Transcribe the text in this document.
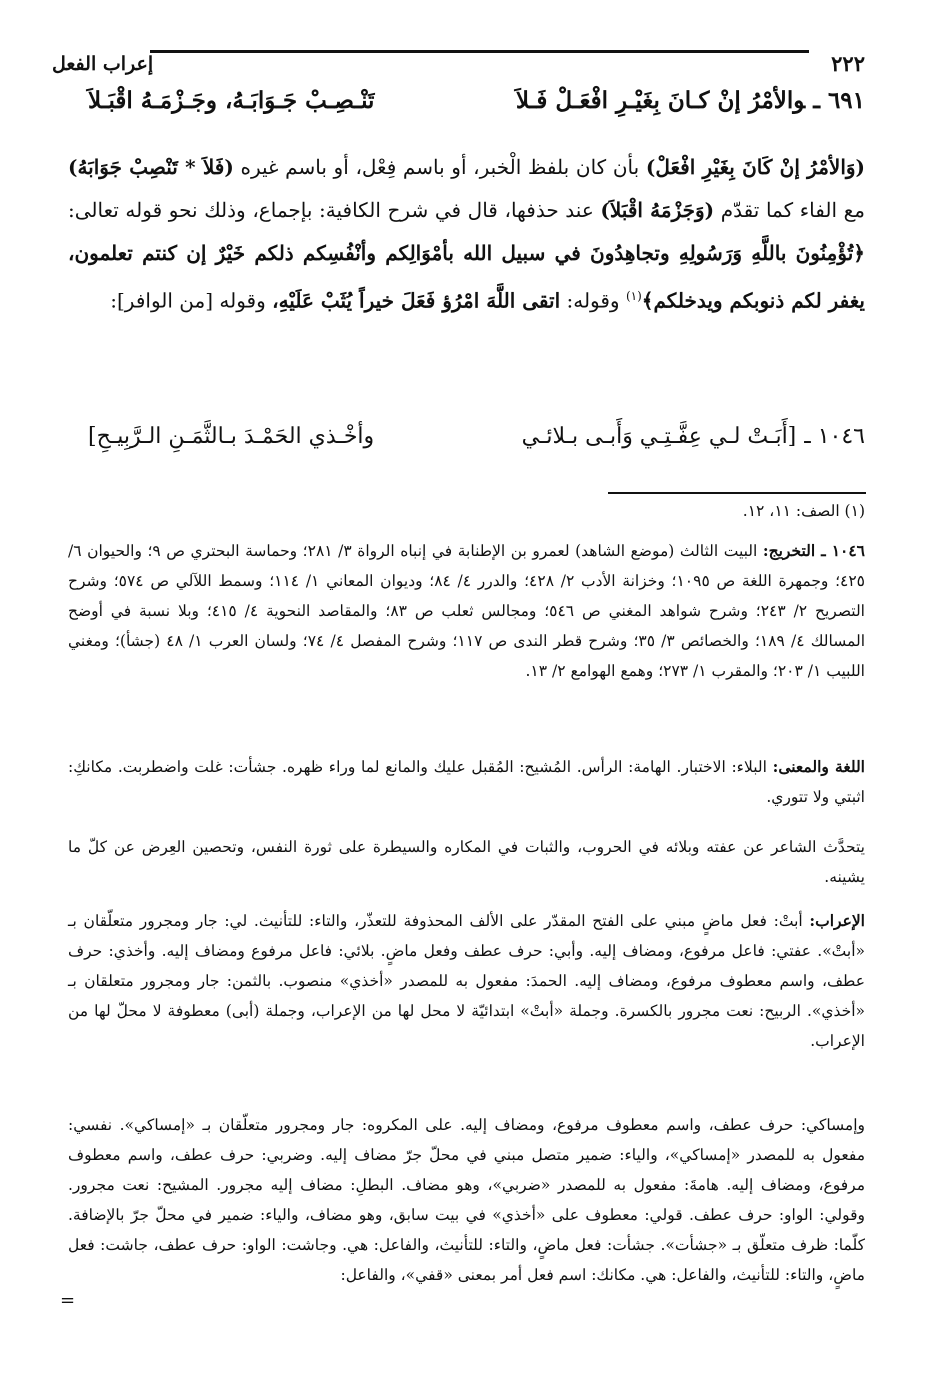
٢٢٢
إعراب الفعل
٦٩١ ـوالأمْرُ إنْ كـانَ بِغَيْـرِ افْعَـلْ فَـلاَ
تَنْـصِـبْ جَـوَابَـهُ، وجَـزْمَـهُ اقْبَـلاَ

(وَالأمْرُ إنْ كَانَ بِغَيْرِ افْعَلْ) بأن كان بلفظ الْخبر، أو باسم فِعْل، أو باسم غيره (فَلاَ * تَنْصِبْ جَوَابَهُ) مع الفاء كما تقدّم (وَجَزْمَهُ اقْبَلاَ) عند حذفها، قال في شرح الكافية: بإجماع، وذلك نحو قوله تعالى: ﴿تُؤْمِنُونَ باللَّهِ وَرَسُولِهِ وتجاهِدُونَ في سبيل الله بأمْوَالِكم وأنْفُسِكم ذلكم خَيْرٌ إن كنتم تعلمون، يغفر لكم ذنوبكم ويدخلكم﴾$^{(١)}$ وقوله: اتقى اللَّهَ امْرُؤ فَعَلَ خيراً يُثَبْ عَلَيْهِ، وقوله [من الوافر]:

١٠٤٦ ـ[أَبَـتْ لـي عِفَّـتِـي وَأَبـى بـلائـي
وأخْـذي الحَمْـدَ بـالثَّمَـنِ الـرَّبِيـحِ]
(١) الصف: ١١، ١٢.

١٠٤٦ ـ التخريج: البيت الثالث (موضع الشاهد) لعمرو بن الإطنابة في إنباه الرواة ٣/ ٢٨١؛ وحماسة البحتري ص ٩؛ والحيوان ٦/ ٤٢٥؛ وجمهرة اللغة ص ١٠٩٥؛ وخزانة الأدب ٢/ ٤٢٨؛ والدرر ٤/ ٨٤؛ وديوان المعاني ١/ ١١٤؛ وسمط اللآلي ص ٥٧٤؛ وشرح التصريح ٢/ ٢٤٣؛ وشرح شواهد المغني ص ٥٤٦؛ ومجالس ثعلب ص ٨٣؛ والمقاصد النحوية ٤/ ٤١٥؛ وبلا نسبة في أوضح المسالك ٤/ ١٨٩؛ والخصائص ٣/ ٣٥؛ وشرح قطر الندى ص ١١٧؛ وشرح المفصل ٤/ ٧٤؛ ولسان العرب ١/ ٤٨ (جشأ)؛ ومغني اللبيب ١/ ٢٠٣؛ والمقرب ١/ ٢٧٣؛ وهمع الهوامع ٢/ ١٣.

اللغة والمعنى: البلاء: الاختبار. الهامة: الرأس. المُشيح: المُقبل عليك والمانع لما وراء ظهره. جشأت: غلت واضطربت. مكانكِ: اثبتي ولا تتوري.

يتحدَّث الشاعر عن عفته وبلائه في الحروب، والثبات في المكاره والسيطرة على ثورة النفس، وتحصين العِرض عن كلّ ما يشينه.

الإعراب: أبتْ: فعل ماضٍ مبني على الفتح المقدّر على الألف المحذوفة للتعذّر، والتاء: للتأنيث. لي: جار ومجرور متعلّقان بـ «أبتْ». عفتي: فاعل مرفوع، ومضاف إليه. وأبي: حرف عطف وفعل ماضٍ. بلائي: فاعل مرفوع ومضاف إليه. وأخذي: حرف عطف، واسم معطوف مرفوع، ومضاف إليه. الحمدَ: مفعول به للمصدر «أخذي» منصوب. بالثمن: جار ومجرور متعلقان بـ «أخذي». الربيح: نعت مجرور بالكسرة. وجملة «أبتْ» ابتدائيّة لا محل لها من الإعراب، وجملة (أبى) معطوفة لا محلّ لها من الإعراب.

وإمساكي: حرف عطف، واسم معطوف مرفوع، ومضاف إليه. على المكروه: جار ومجرور متعلّقان بـ «إمساكي». نفسي: مفعول به للمصدر «إمساكي»، والياء: ضمير متصل مبني في محلّ جرّ مضاف إليه. وضربي: حرف عطف، واسم معطوف مرفوع، ومضاف إليه. هامةَ: مفعول به للمصدر «ضربي»، وهو مضاف. البطلِ: مضاف إليه مجرور. المشيح: نعت مجرور. وقولي: الواو: حرف عطف. قولي: معطوف على «أخذي» في بيت سابق، وهو مضاف، والياء: ضمير في محلّ جرّ بالإضافة. كلّما: ظرف متعلّق بـ «جشأت». جشأت: فعل ماضٍ، والتاء: للتأنيث، والفاعل: هي. وجاشت: الواو: حرف عطف، جاشت: فعل ماضٍ، والتاء: للتأنيث، والفاعل: هي. مكانك: اسم فعل أمر بمعنى «قفي»، والفاعل:

=
